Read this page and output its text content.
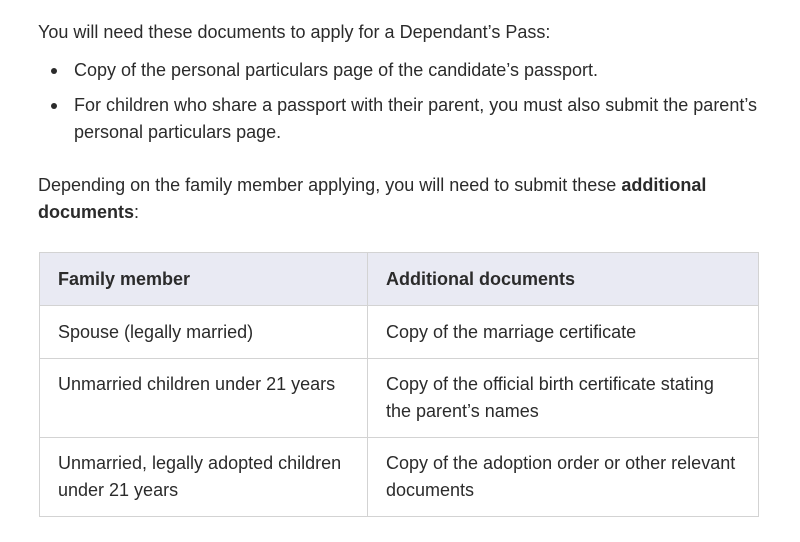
You will need these documents to apply for a Dependant’s Pass:

Copy of the personal particulars page of the candidate’s passport.
For children who share a passport with their parent, you must also submit the parent’s personal particulars page.

Depending on the family member applying, you will need to submit these additional documents:

Family member	Additional documents
Spouse (legally married)	Copy of the marriage certificate
Unmarried children under 21 years	Copy of the official birth certificate stating the parent’s names
Unmarried, legally adopted children under 21 years	Copy of the adoption order or other relevant documents
